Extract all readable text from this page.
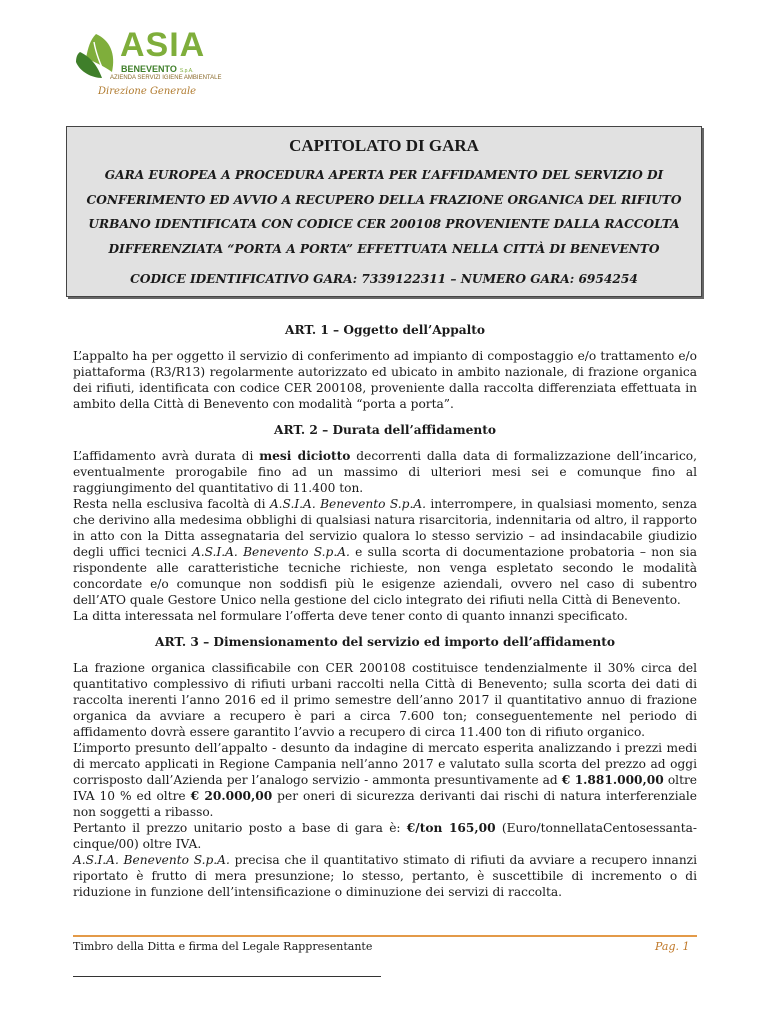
ASIA
BENEVENTO S.p.A.
AZIENDA SERVIZI IGIENE AMBIENTALE
Direzione Generale
CAPITOLATO DI GARA
GARA EUROPEA A PROCEDURA APERTA PER L’AFFIDAMENTO DEL SERVIZIO DI
CONFERIMENTO ED AVVIO A RECUPERO DELLA FRAZIONE ORGANICA DEL RIFIUTO
URBANO IDENTIFICATA CON CODICE CER 200108 PROVENIENTE DALLA RACCOLTA
DIFFERENZIATA “PORTA A PORTA” EFFETTUATA NELLA CITTÀ DI BENEVENTO
CODICE IDENTIFICATIVO GARA: 7339122311 – NUMERO GARA: 6954254
ART. 1 – Oggetto dell’Appalto

L’appalto ha per oggetto il servizio di conferimento ad impianto di compostaggio e/o trattamento e/o piattaforma (R3/R13) regolarmente autorizzato ed ubicato in ambito nazionale, di frazione organica dei rifiuti, identificata con codice CER 200108, proveniente dalla raccolta differenziata effettuata in ambito della Città di Benevento con modalità “porta a porta”.

ART. 2 – Durata dell’affidamento

L’affidamento avrà durata di mesi diciotto decorrenti dalla data di formalizzazione dell’incarico, eventualmente prorogabile fino ad un massimo di ulteriori mesi sei e comunque fino al raggiungimento del quantitativo di 11.400 ton.

Resta nella esclusiva facoltà di A.S.I.A. Benevento S.p.A. interrompere, in qualsiasi momento, senza che derivino alla medesima obblighi di qualsiasi natura risarcitoria, indennitaria od altro, il rapporto in atto con la Ditta assegnataria del servizio qualora lo stesso servizio – ad insindacabile giudizio degli uffici tecnici A.S.I.A. Benevento S.p.A. e sulla scorta di documentazione probatoria – non sia rispondente alle caratteristiche tecniche richieste, non venga espletato secondo le modalità concordate e/o comunque non soddisfi più le esigenze aziendali, ovvero nel caso di subentro dell’ATO quale Gestore Unico nella gestione del ciclo integrato dei rifiuti nella Città di Benevento.

La ditta interessata nel formulare l’offerta deve tener conto di quanto innanzi specificato.

ART. 3 – Dimensionamento del servizio ed importo dell’affidamento

La frazione organica classificabile con CER 200108 costituisce tendenzialmente il 30% circa del quantitativo complessivo di rifiuti urbani raccolti nella Città di Benevento; sulla scorta dei dati di raccolta inerenti l’anno 2016 ed il primo semestre dell’anno 2017 il quantitativo annuo di frazione organica da avviare a recupero è pari a circa 7.600 ton; conseguentemente nel periodo di affidamento dovrà essere garantito l’avvio a recupero di circa 11.400 ton di rifiuto organico.

L’importo presunto dell’appalto - desunto da indagine di mercato esperita analizzando i prezzi medi di mercato applicati in Regione Campania nell’anno 2017 e valutato sulla scorta del prezzo ad oggi corrisposto dall’Azienda per l’analogo servizio - ammonta presuntivamente ad € 1.881.000,00 oltre IVA 10 % ed oltre € 20.000,00 per oneri di sicurezza derivanti dai rischi di natura interferenziale non soggetti a ribasso.

Pertanto il prezzo unitario posto a base di gara è: €/ton 165,00 (Euro/tonnellataCentosessanta-cinque/00) oltre IVA.

A.S.I.A. Benevento S.p.A. precisa che il quantitativo stimato di rifiuti da avviare a recupero innanzi riportato è frutto di mera presunzione; lo stesso, pertanto, è suscettibile di incremento o di riduzione in funzione dell’intensificazione o diminuzione dei servizi di raccolta.

Timbro della Ditta e firma del Legale Rappresentante	Pag. 1
